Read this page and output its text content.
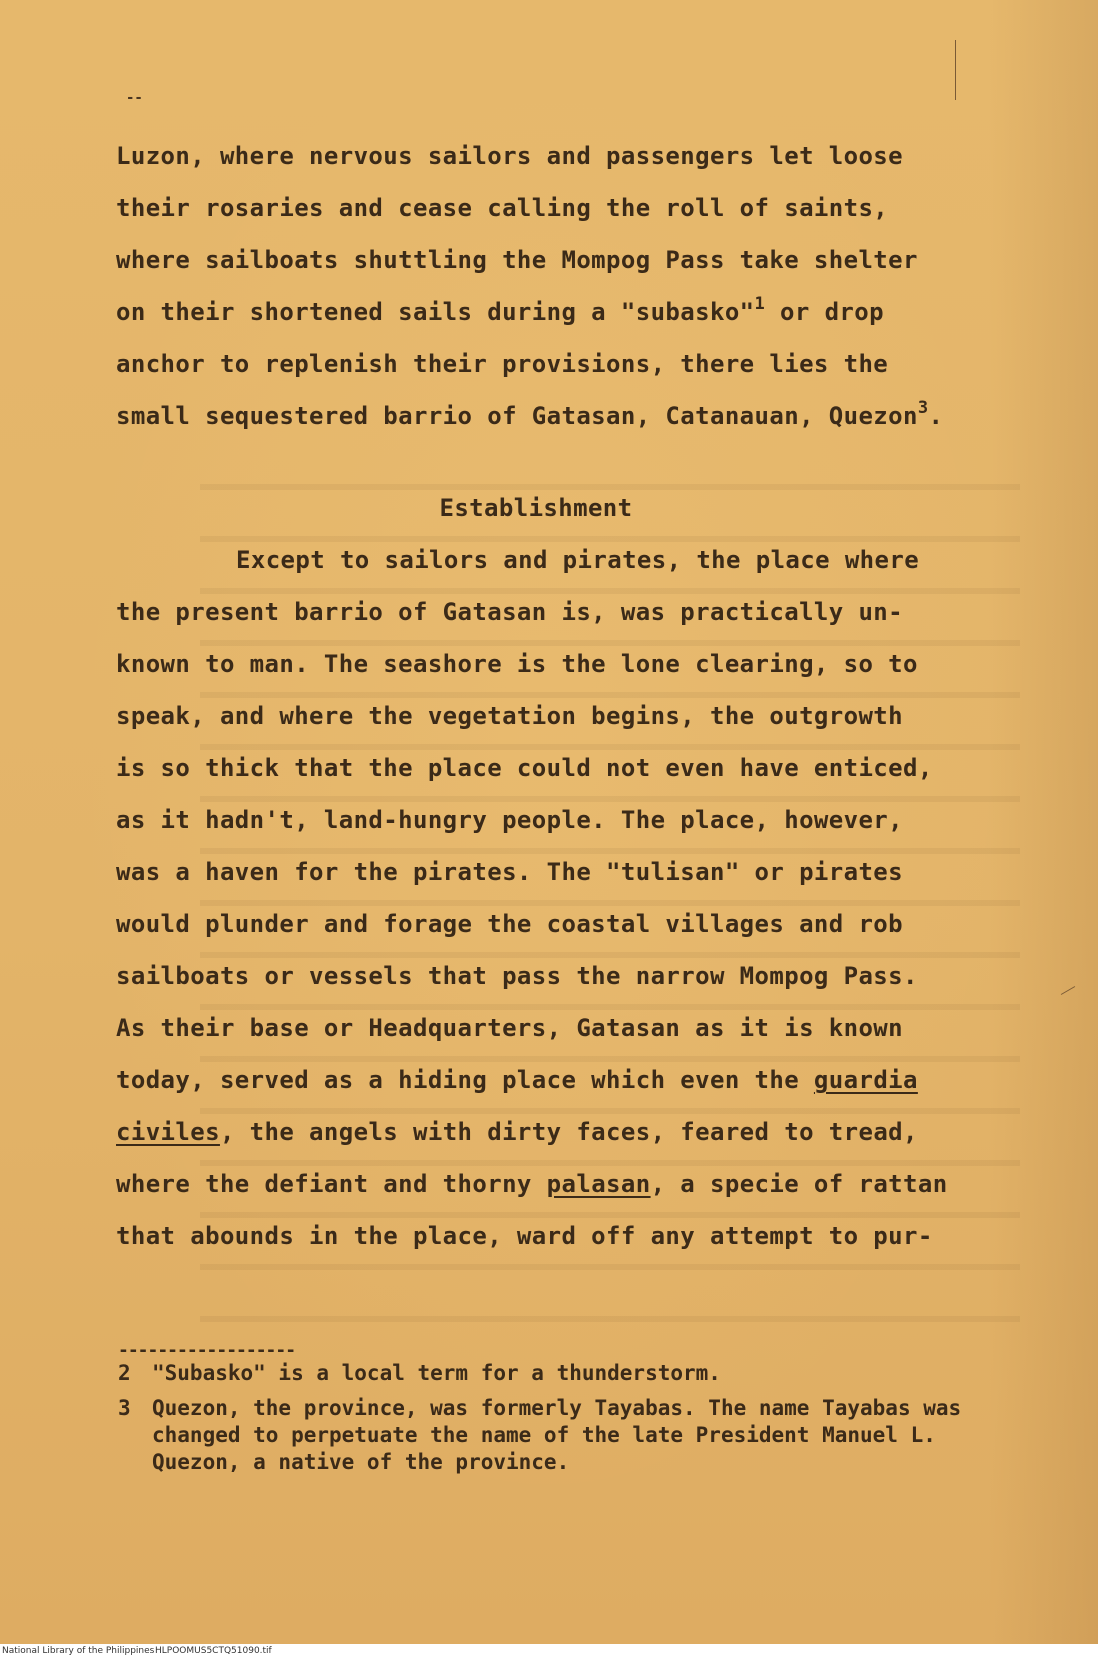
--
Luzon, where nervous sailors and passengers let loose
their rosaries and cease calling the roll of saints,
where sailboats shuttling the Mompog Pass take shelter
on their shortened sails during a "subasko"$^1$ or drop
anchor to replenish their provisions, there lies the
small sequestered barrio of Gatasan, Catanauan, Quezon$^3$.
Establishment
Except to sailors and pirates, the place where
the present barrio of Gatasan is, was practically un-
known to man. The seashore is the lone clearing, so to
speak, and where the vegetation begins, the outgrowth
is so thick that the place could not even have enticed,
as it hadn't, land-hungry people. The place, however,
was a haven for the pirates. The "tulisan" or pirates
would plunder and forage the coastal villages and rob
sailboats or vessels that pass the narrow Mompog Pass.
As their base or Headquarters, Gatasan as it is known
today, served as a hiding place which even the guardia
civiles, the angels with dirty faces, feared to tread,
where the defiant and thorny palasan, a specie of rattan
that abounds in the place, ward off any attempt to pur-
------------------
2 "Subasko" is a local term for a thunderstorm.
3 Quezon, the province, was formerly Tayabas. The name Tayabas was changed to perpetuate the name of the late President Manuel L. Quezon, a native of the province.
National Library of the Philippines HLPOOMUS5CTQ51090.tif
